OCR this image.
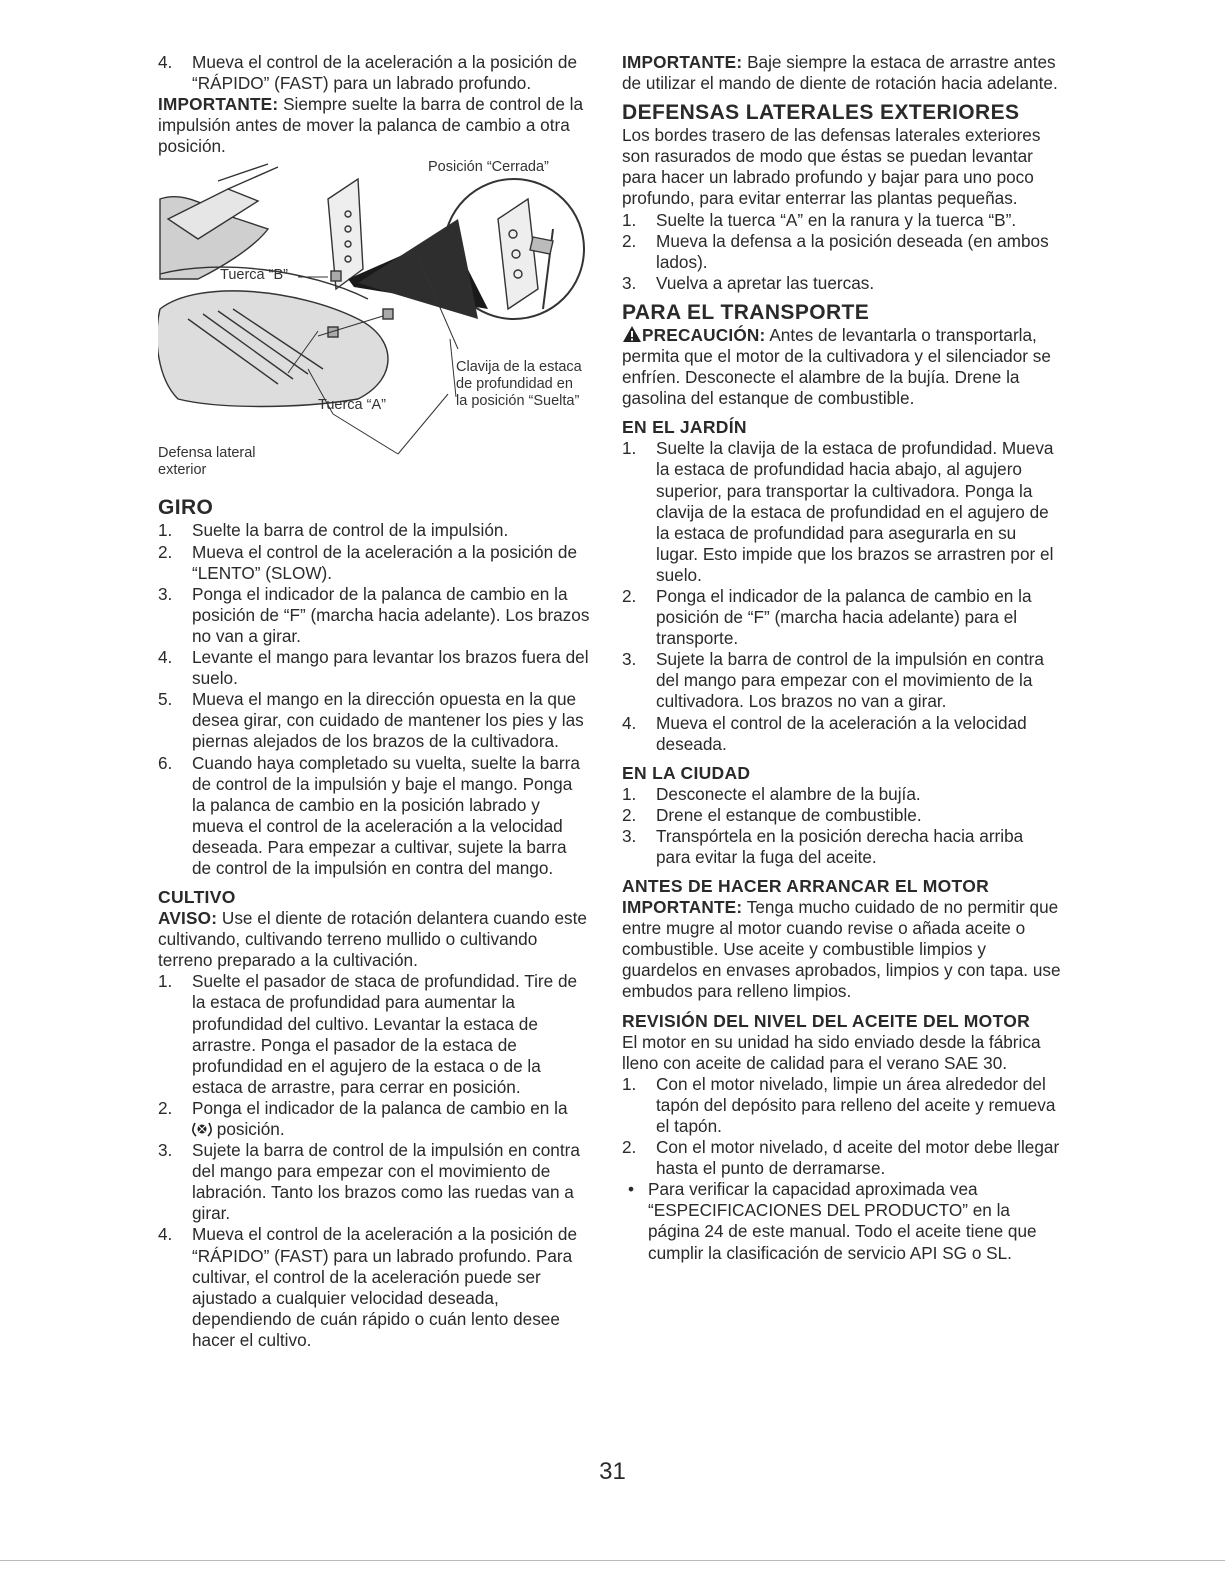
4. Mueva el control de la aceleración a la posición de “RÁPIDO” (FAST) para un labrado profundo.

IMPORTANTE: Siempre suelte la barra de control de la impulsión antes de mover la palanca de cambio a otra posición.

Posición “Cerrada”
Tuerca “B”
Tuerca “A”
Clavija de la estaca de profundidad en la posición “Suelta”
Defensa lateral exterior
GIRO
1. Suelte la barra de control de la impulsión.
2. Mueva el control de la aceleración a la posición de “LENTO” (SLOW).
3. Ponga el indicador de la palanca de cambio en la posición de “F” (marcha hacia adelante). Los brazos no van a girar.
4. Levante el mango para levantar los brazos fuera del suelo.
5. Mueva el mango en la dirección opuesta en la que desea girar, con cuidado de mantener los pies y las piernas alejados de los brazos de la cultivadora.
6. Cuando haya completado su vuelta, suelte la barra de control de la impulsión y baje el mango. Ponga la palanca de cambio en la posición labrado y mueva el control de la aceleración a la velocidad deseada. Para empezar a cultivar, sujete la barra de control de la impulsión en contra del mango.
CULTIVO

AVISO: Use el diente de rotación delantera cuando este cultivando, cultivando terreno mullido o cultivando terreno preparado a la cultivación.

1. Suelte el pasador de staca de profundidad. Tire de la estaca de profundidad para aumentar la profundidad del cultivo. Levantar la estaca de arrastre. Ponga el pasador de la estaca de profundidad en el agujero de la estaca o de la estaca de arrastre, para cerrar en posición.
2. Ponga el indicador de la palanca de cambio en la  posición.
3. Sujete la barra de control de la impulsión en contra del mango para empezar con el movimiento de labración. Tanto los brazos como las ruedas van a girar.
4. Mueva el control de la aceleración a la posición de “RÁPIDO” (FAST) para un labrado profundo. Para cultivar, el control de la aceleración puede ser ajustado a cualquier velocidad deseada, dependiendo de cuán rápido o cuán lento desee hacer el cultivo.

IMPORTANTE: Baje siempre la estaca de arrastre antes de utilizar el mando de diente de rotación hacia adelante.

DEFENSAS LATERALES EXTERIORES

Los bordes trasero de las defensas laterales exteriores son rasurados de modo que éstas se puedan levantar para hacer un labrado profundo y bajar para uno poco profundo, para evitar enterrar las plantas pequeñas.

1. Suelte la tuerca “A” en la ranura y la tuerca “B”.
2. Mueva la defensa a la posición deseada (en ambos lados).
3. Vuelva a apretar las tuercas.
PARA EL TRANSPORTE

PRECAUCIÓN: Antes de levantarla o transportarla, permita que el motor de la cultivadora y el silenciador se enfríen. Desconecte el alambre de la bujía. Drene la gasolina del estanque de combustible.

EN EL JARDÍN
1. Suelte la clavija de la estaca de profundidad. Mueva la estaca de profundidad hacia abajo, al agujero superior, para transportar la cultivadora. Ponga la clavija de la estaca de profundidad en el agujero de la estaca de profundidad para asegurarla en su lugar. Esto impide que los brazos se arrastren por el suelo.
2. Ponga el indicador de la palanca de cambio en la posición de “F” (marcha hacia adelante) para el transporte.
3. Sujete la barra de control de la impulsión en contra del mango para empezar con el movimiento de la cultivadora. Los brazos no van a girar.
4. Mueva el control de la aceleración a la velocidad deseada.
EN LA CIUDAD
1. Desconecte el alambre de la bujía.
2. Drene el estanque de combustible.
3. Transpórtela en la posición derecha hacia arriba para evitar la fuga del aceite.
ANTES DE HACER ARRANCAR EL MOTOR

IMPORTANTE: Tenga mucho cuidado de no permitir que entre mugre al motor cuando revise o añada aceite o combustible. Use aceite y combustible limpios y guardelos en envases aprobados, limpios y con tapa. use embudos para relleno limpios.

REVISIÓN DEL NIVEL DEL ACEITE DEL MOTOR

El motor en su unidad ha sido enviado desde la fábrica lleno con aceite de calidad para el verano SAE 30.

1. Con el motor nivelado, limpie un área alrededor del tapón del depósito para relleno del aceite y remueva el tapón.
2. Con el motor nivelado, d aceite del motor debe llegar hasta el punto de derramarse.
• Para verificar la capacidad aproximada vea “ESPECIFICACIONES DEL PRODUCTO” en la página 24 de este manual. Todo el aceite tiene que cumplir la clasificación de servicio API SG o SL.
31
